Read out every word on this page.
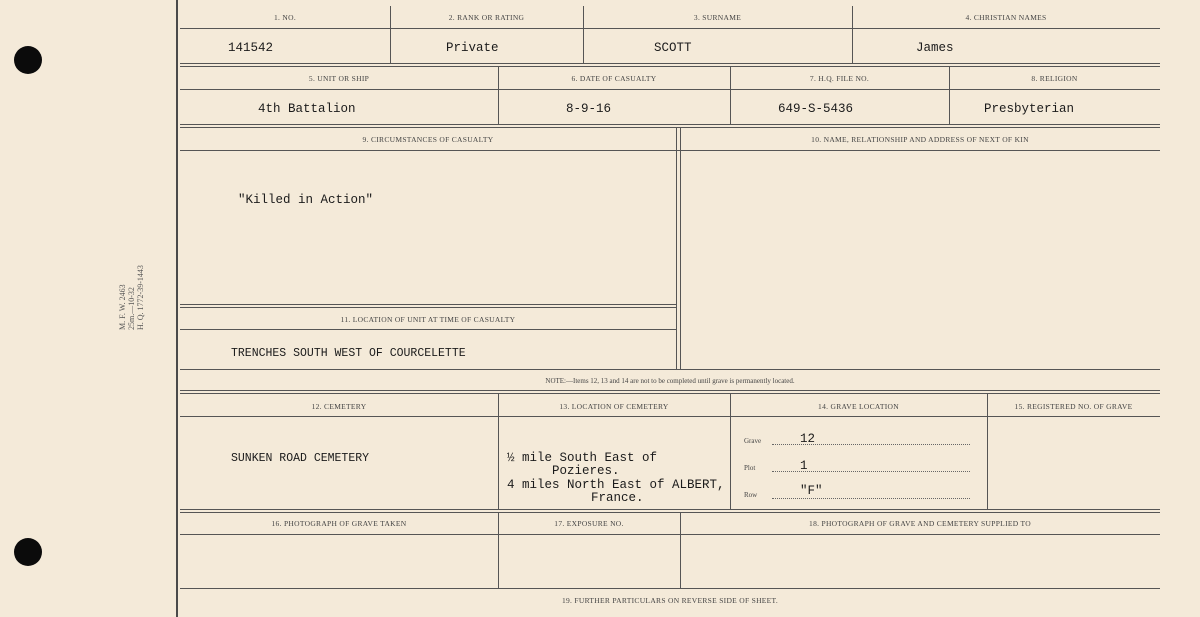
M. F. W. 2463 25m.—10-32 H. Q. 1772-39-1443
1. NO.	2. RANK OR RATING	3. SURNAME	4. CHRISTIAN NAMES
141542	Private	SCOTT	James
5. UNIT OR SHIP	6. DATE OF CASUALTY	7. H.Q. FILE NO.	8. RELIGION
4th Battalion	8-9-16	649-S-5436	Presbyterian
9. CIRCUMSTANCES OF CASUALTY	10. NAME, RELATIONSHIP AND ADDRESS OF NEXT OF KIN
"Killed in Action"
11. LOCATION OF UNIT AT TIME OF CASUALTY
TRENCHES SOUTH WEST OF COURCELETTE
NOTE:—Items 12, 13 and 14 are not to be completed until grave is permanently located.
12. CEMETERY	13. LOCATION OF CEMETERY	14. GRAVE LOCATION	15. REGISTERED NO. OF GRAVE
SUNKEN ROAD CEMETERY	½ mile South East of
Pozieres.
4 miles North East of ALBERT,
France.
Grave	12
Plot	1
Row	"F"
16. PHOTOGRAPH OF GRAVE TAKEN	17. EXPOSURE NO.	18. PHOTOGRAPH OF GRAVE AND CEMETERY SUPPLIED TO
19. FURTHER PARTICULARS ON REVERSE SIDE OF SHEET.
